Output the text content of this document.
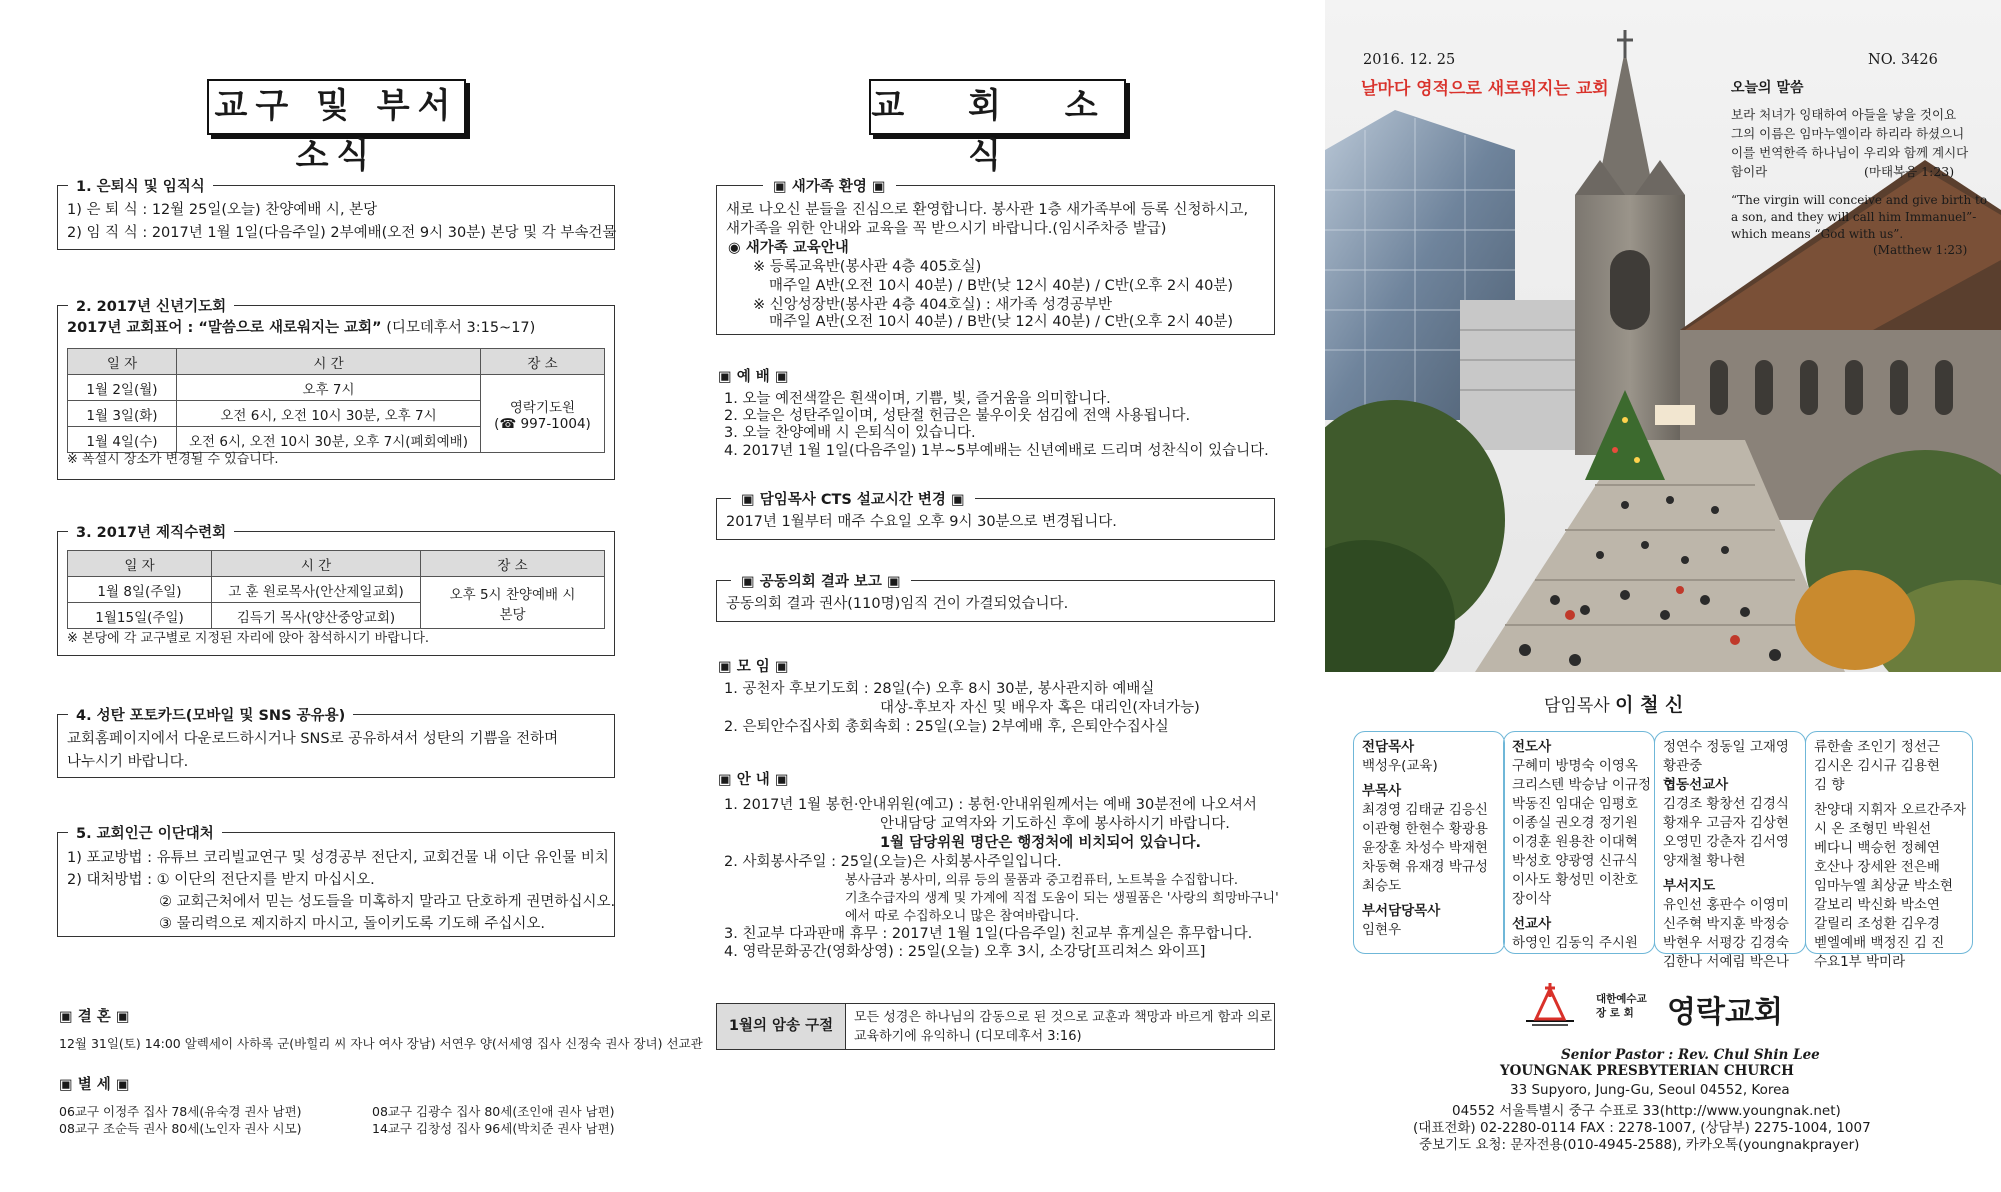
교구 및 부서소식
1. 은퇴식 및 임직식
1) 은 퇴 식 : 12월 25일(오늘) 찬양예배 시, 본당
2) 임 직 식 : 2017년 1월 1일(다음주일) 2부예배(오전 9시 30분) 본당 및 각 부속건물
2. 2017년 신년기도회
2017년 교회표어 : “말씀으로 새로워지는 교회” (디모데후서 3:15~17)
일 자	시 간	장 소
1월 2일(월)	오후 7시	영락기도원
(☎ 997-1004)

1월 3일(화)	오전 6시, 오전 10시 30분, 오후 7시	
1월 4일(수)	오전 6시, 오전 10시 30분, 오후 7시(폐회예배)	
※ 폭설시 장소가 변경될 수 있습니다.
3. 2017년 제직수련회
일 자	시 간	장 소
1월 8일(주일)	고 훈 원로목사(안산제일교회)	오후 5시 찬양예배 시
본당

1월15일(주일)	김득기 목사(양산중앙교회)	
※ 본당에 각 교구별로 지정된 자리에 앉아 참석하시기 바랍니다.
4. 성탄 포토카드(모바일 및 SNS 공유용)
교회홈페이지에서 다운로드하시거나 SNS로 공유하셔서 성탄의 기쁨을 전하며
나누시기 바랍니다.
5. 교회인근 이단대처
1) 포교방법 : 유튜브 코리빌교연구 및 성경공부 전단지, 교회건물 내 이단 유인물 비치
2) 대처방법 : ① 이단의 전단지를 받지 마십시오.
② 교회근처에서 믿는 성도들을 미혹하지 말라고 단호하게 권면하십시오.
③ 물리력으로 제지하지 마시고, 돌이키도록 기도해 주십시오.
▣ 결 혼 ▣
12월 31일(토) 14:00 알렉세이 사하록 군(바힐리 씨 자나 여사 장남) 서연우 양(서세영 집사 신정숙 권사 장녀) 선교관
▣ 별 세 ▣
06교구 이정주 집사 78세(유숙경 권사 남편)	08교구 김광수 집사 80세(조인애 권사 남편)
08교구 조순득 권사 80세(노인자 권사 시모)	14교구 김창성 집사 96세(박치준 권사 남편)
교 회 소 식
▣ 새가족 환영 ▣
새로 나오신 분들을 진심으로 환영합니다. 봉사관 1층 새가족부에 등록 신청하시고,
새가족을 위한 안내와 교육을 꼭 받으시기 바랍니다.(임시주차증 발급)
◉ 새가족 교육안내
※ 등록교육반(봉사관 4층 405호실)
매주일 A반(오전 10시 40분) / B반(낮 12시 40분) / C반(오후 2시 40분)
※ 신앙성장반(봉사관 4층 404호실) : 새가족 성경공부반
매주일 A반(오전 10시 40분) / B반(낮 12시 40분) / C반(오후 2시 40분)
▣ 예 배 ▣
1. 오늘 예전색깔은 흰색이며, 기쁨, 빛, 즐거움을 의미합니다.
2. 오늘은 성탄주일이며, 성탄절 헌금은 불우이웃 섬김에 전액 사용됩니다.
3. 오늘 찬양예배 시 은퇴식이 있습니다.
4. 2017년 1월 1일(다음주일) 1부~5부예배는 신년예배로 드리며 성찬식이 있습니다.
▣ 담임목사 CTS 설교시간 변경 ▣
2017년 1월부터 매주 수요일 오후 9시 30분으로 변경됩니다.
▣ 공동의회 결과 보고 ▣
공동의회 결과 권사(110명)임직 건이 가결되었습니다.
▣ 모 임 ▣
1. 공천자 후보기도회 : 28일(수) 오후 8시 30분, 봉사관지하 예배실
대상-후보자 자신 및 배우자 혹은 대리인(자녀가능)
2. 은퇴안수집사회 총회속회 : 25일(오늘) 2부예배 후, 은퇴안수집사실
▣ 안 내 ▣
1. 2017년 1월 봉헌·안내위원(예고) : 봉헌·안내위원께서는 예배 30분전에 나오셔서
안내담당 교역자와 기도하신 후에 봉사하시기 바랍니다.
1월 담당위원 명단은 행정처에 비치되어 있습니다.
2. 사회봉사주일 : 25일(오늘)은 사회봉사주일입니다.
봉사금과 봉사미, 의류 등의 물품과 중고컴퓨터, 노트북을 수집합니다.
기초수급자의 생계 및 가계에 직접 도움이 되는 생필품은 '사랑의 희망바구니'
에서 따로 수집하오니 많은 참여바랍니다.
3. 친교부 다과판매 휴무 : 2017년 1월 1일(다음주일) 친교부 휴게실은 휴무합니다.
4. 영락문화공간(영화상영) : 25일(오늘) 오후 3시, 소강당[프리쳐스 와이프]
1월의 암송 구절
모든 성경은 하나님의 감동으로 된 것으로 교훈과 책망과 바르게 함과 의로
교육하기에 유익하니 (디모데후서 3:16)
2016. 12. 25	NO. 3426
날마다 영적으로 새로워지는 교회	오늘의 말씀
보라 처녀가 잉태하여 아들을 낳을 것이요
그의 이름은 임마누엘이라 하리라 하셨으니
이를 번역한즉 하나님이 우리와 함께 계시다
함이라	(마태복음 1:23)
“The virgin will conceive and give birth to
a son, and they will call him Immanuel”-
which means “God with us”.
(Matthew 1:23)
담임목사 이 철 신

전담목사

백성우(교육)

부목사

최경영 김태균 김응신

이관형 한현수 황광용

윤장훈 차성수 박재현

차동혁 유재경 박규성

최승도

부서담당목사

임현우

전도사

구혜미 방명숙 이영옥

크리스텐 박승남 이규정

박동진 임대순 임평호

이종실 권오경 정기원

이경훈 원용찬 이대혁

박성호 양광영 신규식

이사도 황성민 이찬호

장이삭

선교사

하영인 김동익 주시원

정연수 정동일 고재영

황관중

협동선교사

김경조 황창선 김경식

황재우 고금자 김상현

오영민 강춘자 김서영

양재철 황나현

부서지도

유인선 홍판수 이영미

신주혁 박지훈 박정승

박현우 서평강 김경숙

김한나 서예림 박은나

류한솔 조인기 정선근

김시온 김시규 김용현

김 향

찬양대 지휘자 오르간주자

시 온 조형민 박원선

베다니 백승헌 정혜연

호산나 장세완 전은배

임마누엘 최상균 박소현

갈보리 박신화 박소연

갈릴리 조성환 김우경

벧엘예배 백정진 김 진

수요1부 박미라

대한예수교
장 로 회 영락교회
Senior Pastor : Rev. Chul Shin Lee
YOUNGNAK PRESBYTERIAN CHURCH
33 Supyoro, Jung-Gu, Seoul 04552, Korea
04552 서울특별시 중구 수표로 33(http://www.youngnak.net)
(대표전화) 02-2280-0114 FAX : 2278-1007, (상담부) 2275-1004, 1007
중보기도 요청: 문자전용(010-4945-2588), 카카오톡(youngnakprayer)
